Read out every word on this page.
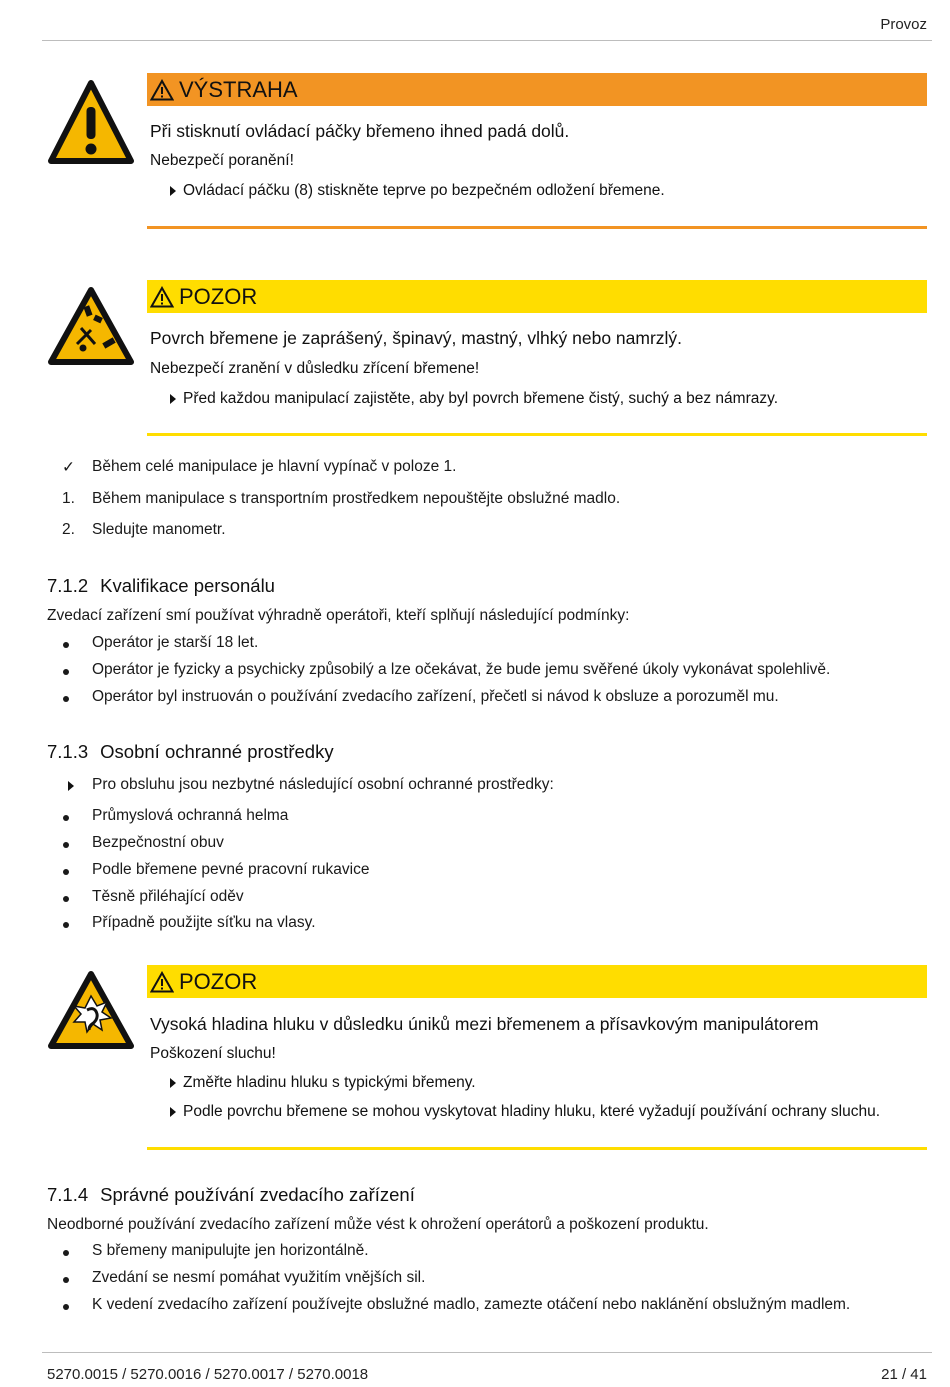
Provoz
VÝSTRAHA
Při stisknutí ovládací páčky břemeno ihned padá dolů.
Nebezpečí poranění!
Ovládací páčku (8) stiskněte teprve po bezpečném odložení břemene.
POZOR
Povrch břemene je zaprášený, špinavý, mastný, vlhký nebo namrzlý.
Nebezpečí zranění v důsledku zřícení břemene!
Před každou manipulací zajistěte, aby byl povrch břemene čistý, suchý a bez námrazy.
✓	Během celé manipulace je hlavní vypínač v poloze 1.
1.	Během manipulace s transportním prostředkem nepouštějte obslužné madlo.
2.	Sledujte manometr.
7.1.2 Kvalifikace personálu
Zvedací zařízení smí používat výhradně operátoři, kteří splňují následující podmínky:
Operátor je starší 18 let.
Operátor je fyzicky a psychicky způsobilý a lze očekávat, že bude jemu svěřené úkoly vykonávat spolehlivě.
Operátor byl instruován o používání zvedacího zařízení, přečetl si návod k obsluze a porozuměl mu.
7.1.3 Osobní ochranné prostředky
Pro obsluhu jsou nezbytné následující osobní ochranné prostředky:
Průmyslová ochranná helma
Bezpečnostní obuv
Podle břemene pevné pracovní rukavice
Těsně přiléhající oděv
Případně použijte síťku na vlasy.
POZOR
Vysoká hladina hluku v důsledku úniků mezi břemenem a přísavkovým manipulátorem
Poškození sluchu!
Změřte hladinu hluku s typickými břemeny.
Podle povrchu břemene se mohou vyskytovat hladiny hluku, které vyžadují používání ochrany sluchu.
7.1.4 Správné používání zvedacího zařízení
Neodborné používání zvedacího zařízení může vést k ohrožení operátorů a poškození produktu.
S břemeny manipulujte jen horizontálně.
Zvedání se nesmí pomáhat využitím vnějších sil.
K vedení zvedacího zařízení používejte obslužné madlo, zamezte otáčení nebo naklánění obslužným madlem.
5270.0015 / 5270.0016 / 5270.0017 / 5270.0018	21 / 41
